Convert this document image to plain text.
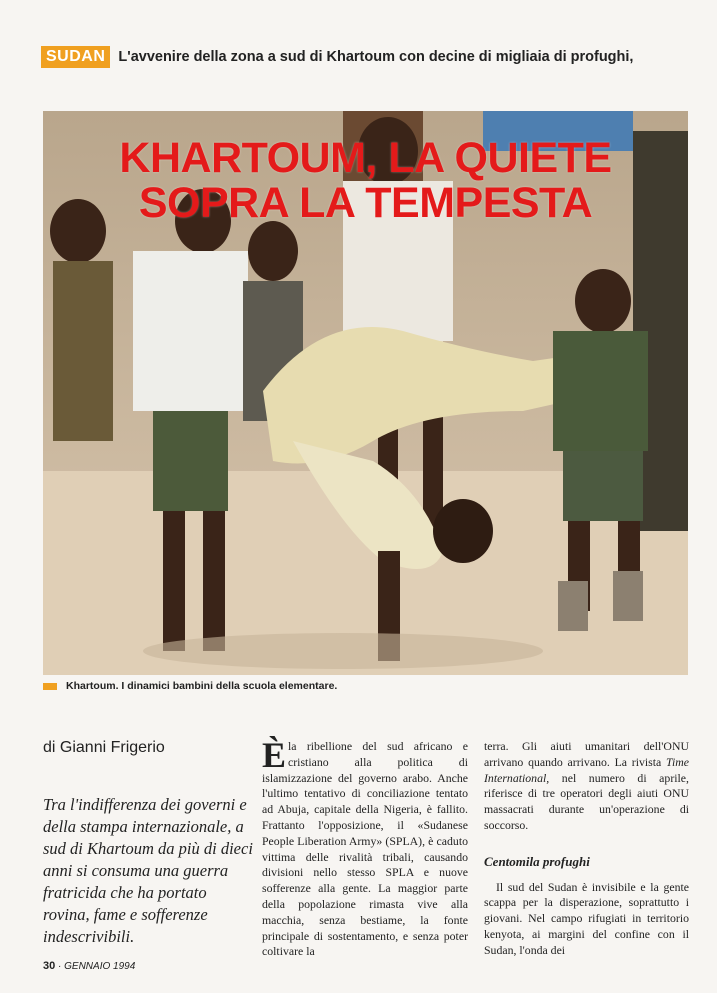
SUDAN L'avvenire della zona a sud di Khartoum con decine di migliaia di profughi,
KHARTOUM, LA QUIETE
SOPRA LA TEMPESTA
Khartoum. I dinamici bambini della scuola elementare.
di Gianni Frigerio
Tra l'indifferenza dei governi e della stampa internazionale, a sud di Khartoum da più di dieci anni si consuma una guerra fratricida che ha portato rovina, fame e sofferenze indescrivibili.

Èla ribellione del sud africano e cristiano alla politica di islamizzazione del governo arabo. Anche l'ultimo tentativo di conciliazione tentato ad Abuja, capitale della Nigeria, è fallito. Frattanto l'opposizione, il «Sudanese People Liberation Army» (SPLA), è caduto vittima delle rivalità tribali, causando divisioni nello stesso SPLA e nuove sofferenze alla gente. La maggior parte della popolazione rimasta vive alla macchia, senza bestiame, la fonte principale di sostentamento, e senza poter coltivare la

terra. Gli aiuti umanitari dell'ONU arrivano quando arrivano. La rivista Time International, nel numero di aprile, riferisce di tre operatori degli aiuti ONU massacrati durante un'operazione di soccorso.

Centomila profughi

Il sud del Sudan è invisibile e la gente scappa per la disperazione, soprattutto i giovani. Nel campo rifugiati in territorio kenyota, ai margini del confine con il Sudan, l'onda dei

30 · GENNAIO 1994
